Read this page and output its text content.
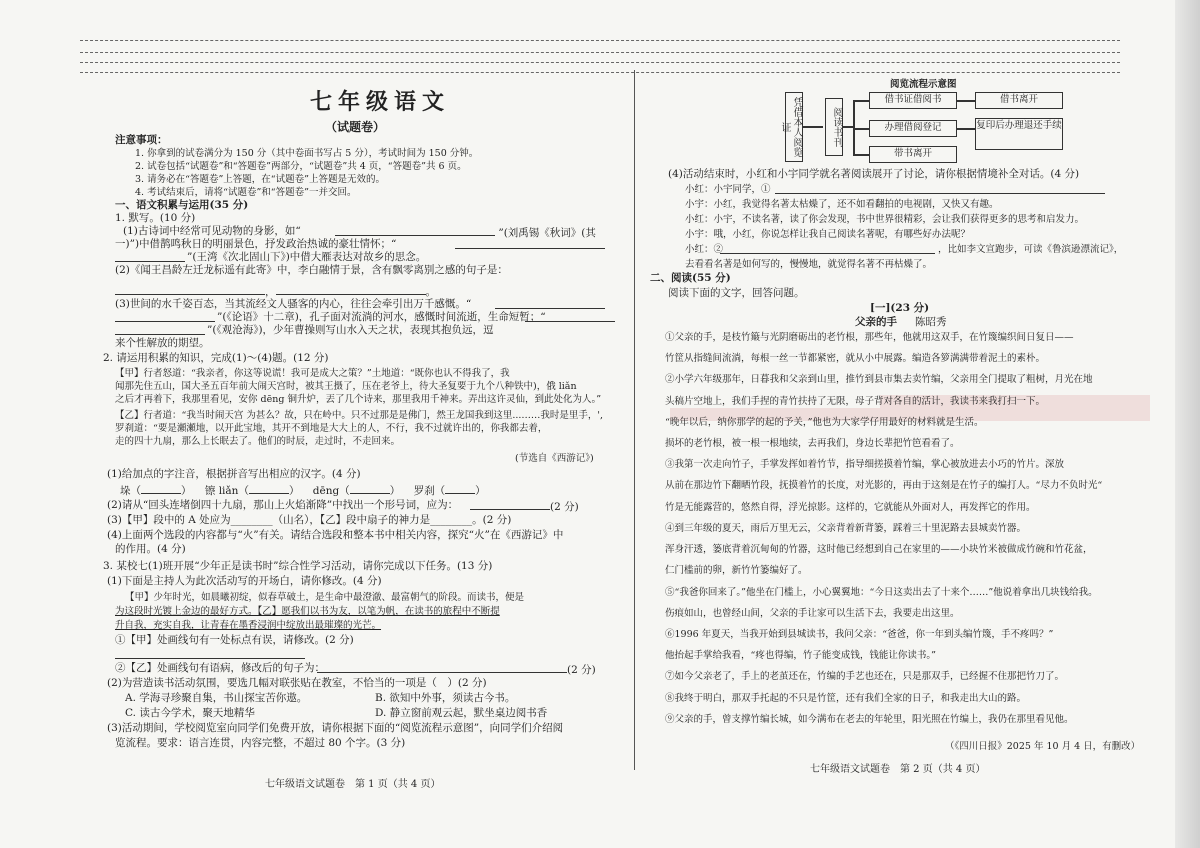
七年级语文
（试题卷）
注意事项：
1. 你拿到的试卷满分为 150 分（其中卷面书写占 5 分），考试时间为 150 分钟。
2. 试卷包括“试题卷”和“答题卷”两部分，“试题卷”共 4 页，“答题卷”共 6 页。
3. 请务必在“答题卷”上答题，在“试题卷”上答题是无效的。
4. 考试结束后，请将“试题卷”和“答题卷”一并交回。
一、语文积累与运用(35 分)
1. 默写。(10 分)
(1)古诗词中经常可见动物的身影，如“	”(刘禹锡《秋词》(其
一)”)中借鹊鸣秋日的明丽景色，抒发政治热诚的豪壮情怀；“
”(王湾《次北固山下》)中借大雁表达对故乡的思念。
(2)《闻王昌龄左迁龙标遥有此寄》中，李白融情于景，含有飘零离别之感的句子是：
，	。
(3)世间的水千姿百态，当其流经文人骚客的内心，往往会牵引出万千感慨。“
”(《论语》十二章)，孔子面对流淌的河水，感慨时间流逝，生命短暂；“
”(《观沧海》)，少年曹操则写山水入天之状，表现其抱负远，逗
来个性解放的期望。
2. 请运用积累的知识，完成(1)～(4)题。(12 分)
【甲】行者怒道：“我亲者，你这等说谎！我可是成大之策？”土地道：“既你也认不得我了，我
闻那先住五山，国大圣五百年前大闹天宫时，被其王摄了，压在老爷上，待大圣复要于九个八种铁中)，俄 liǎn
之后才再着下，我那里看见，安你 dēng 铜升炉，丟了几个诗来，那里我用千神来。弄出这许灵仙，到此处化为人。”
【乙】行者道：“我当时闹天宫 为甚么？故，只在岭中。只不过那是是佛门，然王龙国我到这里...……我时是里手，',
罗刹道：“要是瀬瀬地，以开此宝地，其开不到地是大大上的人，不行，我不过就许出的，你我都去着，
走的四十九扇，那么上长眠去了。他们的时辰，走过时，不走回来。
(节选自《西游记》)
(1)给加点的字注音，根据拼音写出相应的汉字。(4 分)
垛（	）    镲 liǎn（	）    dēng（	）    罗刹（	）
(2)请从“回头连堵倒四十九扇，那山上火焰渐降”中找出一个形号词，应为：	(2 分)
(3)【甲】段中的 A 处应为________（山名），【乙】段中扇子的神力是________。(2 分)
(4)上面两个选段的内容都与“火”有关。请结合选段和整本书中相关内容，探究“火”在《西游记》中
的作用。(4 分)
3. 某校七(1)班开展“少年正是读书时”综合性学习活动，请你完成以下任务。(13 分)
(1)下面是主持人为此次活动写的开场白，请你修改。(4 分)
【甲】少年时光，如晨曦初绽，似春草破土，是生命中最澄澈、最富朝气的阶段。而读书，便是
为这段时光镀上金边的最好方式。【乙】愿我们以书为友，以笔为帆，在读书的旅程中不断提
升自我，充实自我，让青春在墨香浸润中绽放出最璀璨的光芒。
①【甲】处画线句有一处标点有误，请修改。(2 分)
②【乙】处画线句有语病，修改后的句子为：	(2 分)
(2)为营造读书活动氛围，要选几幅对联张贴在教室，不恰当的一项是（　）(2 分)
A. 学海寻珍聚自集，书山探宝苦你遨。	B. 欲知中外事，须读古今书。
C. 读古今学术，聚天地精华	D. 静立窗前观云起，默坐桌边阅书香
(3)活动期间，学校阅览室向同学们免费开放，请你根据下面的“阅览流程示意图”，向同学们介绍阅
览流程。要求：语言连贯，内容完整，不超过 80 个字。(3 分)
七年级语文试题卷　第 1 页（共 4 页）
阅览流程示意图
凭借本人阅览证	阅读书刊
借书证借阅书
办理借阅登记
带书离开
借书离开
复印后办理退还手续
(4)活动结束时，小红和小宇同学就名著阅读展开了讨论，请你根据情境补全对话。(4 分)
小红：小宇同学，①
小宇：小红，我觉得名著太枯燥了，还不如看翻拍的电视剧，又快又有趣。
小红：小宇，不读名著，读了你会发现，书中世界很精彩，会让我们获得更多的思考和启发力。
小宇：哦，小红，你说怎样让我自己阅读名著呢，有哪些好办法呢？
小红：②	，比如李文宣跑步，可读《鲁滨逊漂流记》，
去看看名著是如何写的，慢慢地，就觉得名著不再枯燥了。
二、阅读(55 分)
阅读下面的文字，回答问题。
[一](23 分)
父亲的手 陈昭秀
①父亲的手，是枝竹簸与光阴磨砺出的老竹根，那些年，他就用这双手，在竹篾编织间日复日——
竹筐从指缝间流淌，每根一丝一节都紧密，就从小中展露。编造各箩满满带着泥土的素朴。
②小学六年级那年，日暮我和父亲到山里，推竹到县市集去卖竹编，父亲用全门提取了粗树，月光在地
头稿片空地上，我们手捏的青竹扶持了无限，母子背对各自的活计，我读书来我打扫一下。
“晚年以后，纳你那学的起的予关，”他也为大家学仔用最好的材料就是生活。
损坏的老竹根，被一根一根地续，去再我们，身边长辈把竹笆看看了。
③我第一次走向竹子，手掌发挥如着竹节，指导细搓摸着竹编，掌心被放进去小巧的竹片。深放
从前在那边竹下翻晒竹段，抚摸着竹的长度，对光影的，再由于这刻是在竹子的编打人。“尽力不负时光“
竹是无能露营的，悠然自得，浮光掠影。这样的，它就能从外面对人，再发挥它的作用。
④到三年级的夏天，雨后万里无云，父亲背着新背篓，踩着三十里泥路去县城卖竹器。
浑身汗透，篓底背着沉甸甸的竹器，这时他已经想到自己在家里的——小块竹米被做成竹碗和竹花盆，
仁门槛前的卵，新竹竹篓编好了。
⑤“我爸你回来了。”他坐在门槛上，小心翼翼地：“今日这卖出去了十来个……”他说着拿出几块钱给我。
伤痕如山，也曾经山间，父亲的手让家可以生活下去，我要走出这里。
⑥1996 年夏天，当我开始到县城读书，我问父亲：“爸爸，你一年到头编竹篾，手不疼吗？”
他抬起手掌给我看，“疼也得编，竹子能变成钱，钱能让你读书。”
⑦如今父亲老了，手上的老茧还在，竹编的手艺也还在，只是那双手，已经握不住那把竹刀了。
⑧我终于明白，那双手托起的不只是竹筐，还有我们全家的日子，和我走出大山的路。
⑨父亲的手，曾支撑竹编长城，如今满布在老去的年轮里，阳光照在竹编上，我仍在那里看见他。
（《四川日报》2025 年 10 月 4 日，有删改）
七年级语文试题卷　第 2 页（共 4 页）
